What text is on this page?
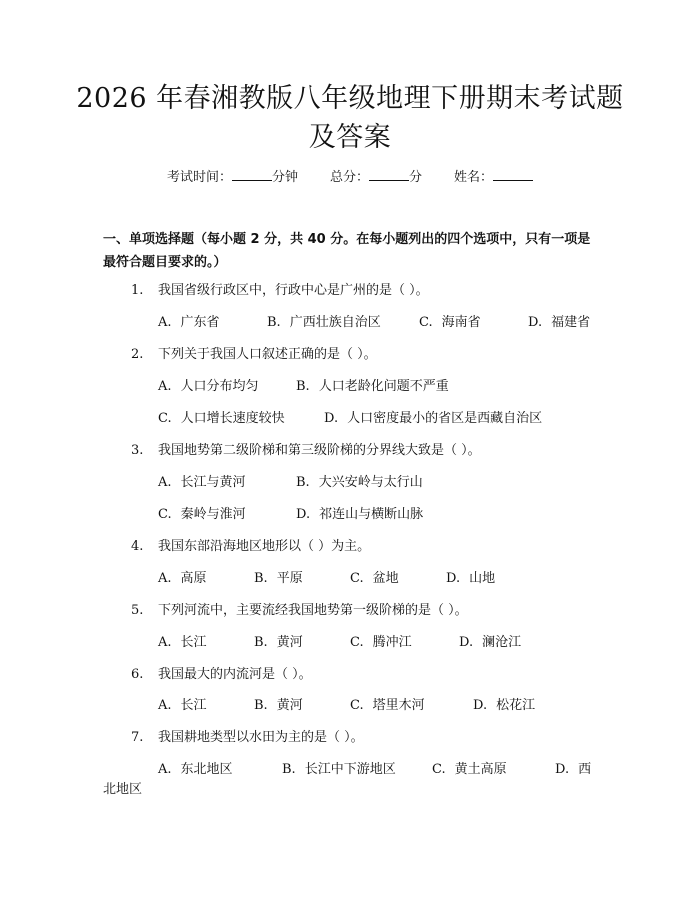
2026 年春湘教版八年级地理下册期末考试题
及答案
考试时间：	分钟 总分：	分 姓名：
一、单项选择题（每小题 2 分，共 40 分。在每小题列出的四个选项中，只有一项是最符合题目要求的。）
1. 我国省级行政区中，行政中心是广州的是（ ）。
A. 广东省	B. 广西壮族自治区	C. 海南省	D. 福建省
2. 下列关于我国人口叙述正确的是（ ）。
A. 人口分布均匀	B. 人口老龄化问题不严重
C. 人口增长速度较快	D. 人口密度最小的省区是西藏自治区
3. 我国地势第二级阶梯和第三级阶梯的分界线大致是（ ）。
A. 长江与黄河	B. 大兴安岭与太行山
C. 秦岭与淮河	D. 祁连山与横断山脉
4. 我国东部沿海地区地形以（ ）为主。
A. 高原	B. 平原	C. 盆地	D. 山地
5. 下列河流中，主要流经我国地势第一级阶梯的是（ ）。
A. 长江	B. 黄河	C. 腾冲江	D. 澜沧江
6. 我国最大的内流河是（ ）。
A. 长江	B. 黄河	C. 塔里木河	D. 松花江
7. 我国耕地类型以水田为主的是（ ）。
A. 东北地区	B. 长江中下游地区	C. 黄土高原	D. 西
北地区
